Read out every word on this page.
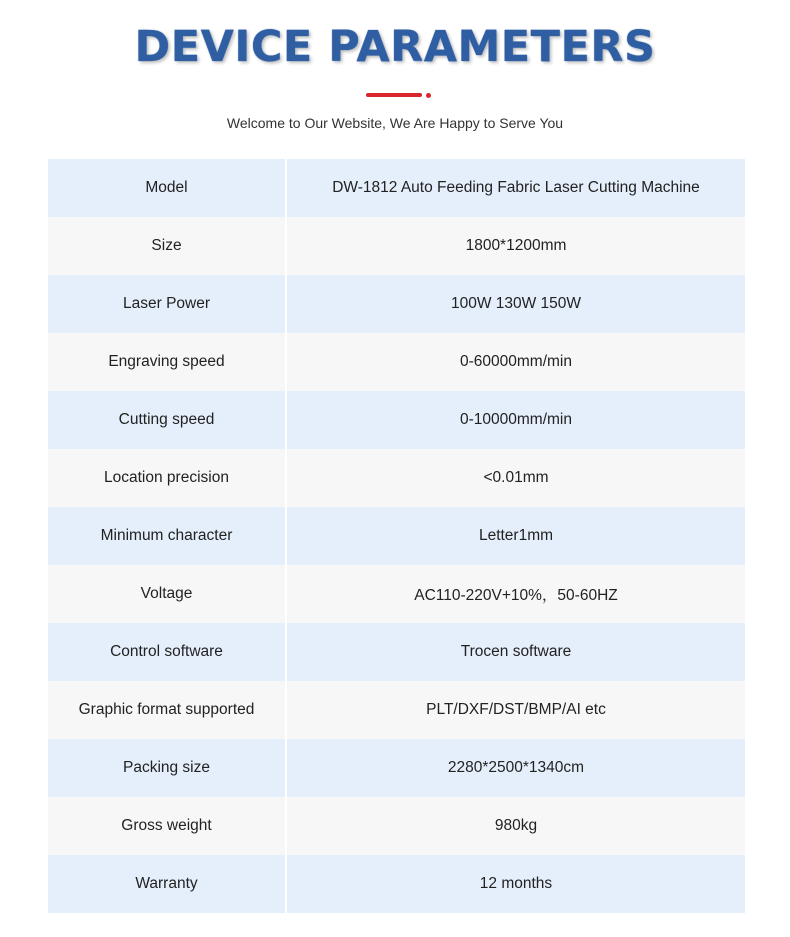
DEVICE PARAMETERS
Welcome to Our Website, We Are Happy to Serve You
Model	DW-1812 Auto Feeding Fabric Laser Cutting Machine
Size	1800*1200mm
Laser Power	100W 130W 150W
Engraving speed	0-60000mm/min
Cutting speed	0-10000mm/min
Location precision	<0.01mm
Minimum character	Letter1mm
Voltage	AC110-220V+10%，50-60HZ
Control software	Trocen software
Graphic format supported	PLT/DXF/DST/BMP/AI etc
Packing size	2280*2500*1340cm
Gross weight	980kg
Warranty	12 months
